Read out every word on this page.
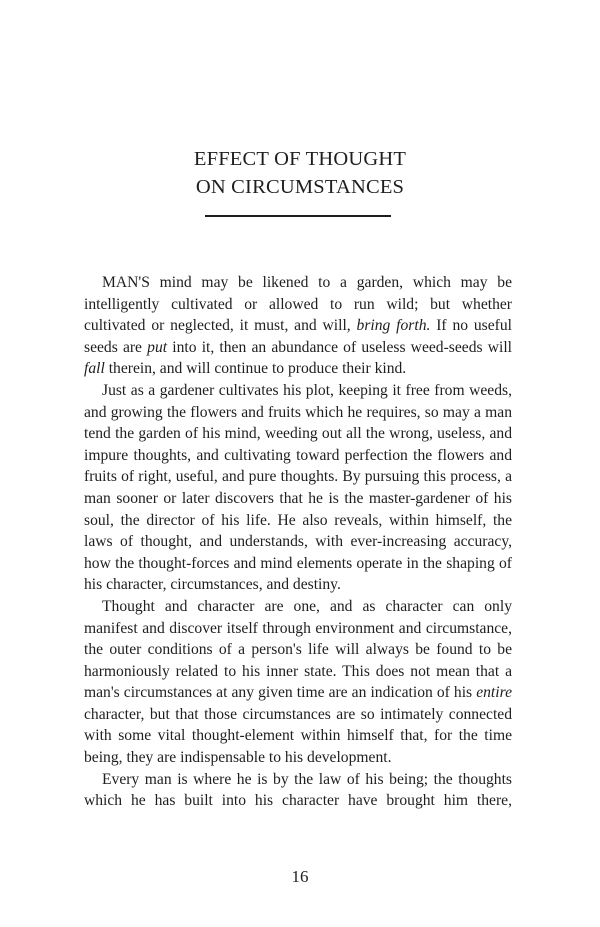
EFFECT OF THOUGHT
ON CIRCUMSTANCES

MAN'S mind may be likened to a garden, which may be intelligently cultivated or allowed to run wild; but whether cultivated or neglected, it must, and will, bring forth. If no useful seeds are put into it, then an abundance of useless weed-seeds will fall therein, and will continue to produce their kind.

Just as a gardener cultivates his plot, keeping it free from weeds, and growing the flowers and fruits which he requires, so may a man tend the garden of his mind, weeding out all the wrong, useless, and impure thoughts, and cultivating toward perfection the flowers and fruits of right, useful, and pure thoughts. By pursuing this process, a man sooner or later discovers that he is the master-gardener of his soul, the director of his life. He also reveals, within himself, the laws of thought, and understands, with ever-increasing accuracy, how the thought-forces and mind elements operate in the shaping of his character, circumstances, and destiny.

Thought and character are one, and as character can only manifest and discover itself through environment and circumstance, the outer conditions of a person's life will always be found to be harmoniously related to his inner state. This does not mean that a man's circumstances at any given time are an indication of his entire character, but that those circumstances are so intimately connected with some vital thought-element within himself that, for the time being, they are indispensable to his development.

Every man is where he is by the law of his being; the thoughts which he has built into his character have brought him there,

16
